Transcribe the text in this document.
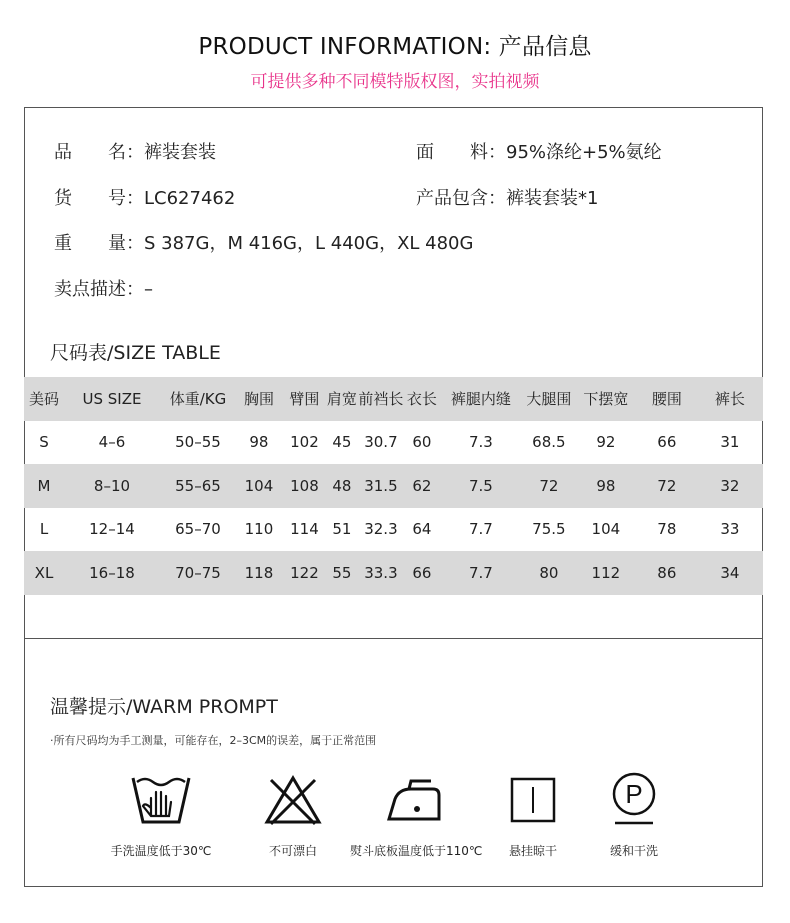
PRODUCT INFORMATION: 产品信息
可提供多种不同模特版权图，实拍视频
品　　名：裤装套装	面　　料：95%涤纶+5%氨纶
货　　号：LC627462	产品包含：裤装套装*1
重　　量：S 387G，M 416G，L 440G，XL 480G
卖点描述：–
尺码表/SIZE TABLE
美码	US SIZE	体重/KG	胸围	臂围	肩宽	前裆长	衣长	裤腿内缝	大腿围	下摆宽	腰围	裤长
S	4–6	50–55	98	102	45	30.7	60	7.3	68.5	92	66	31
M	8–10	55–65	104	108	48	31.5	62	7.5	72	98	72	32
L	12–14	65–70	110	114	51	32.3	64	7.7	75.5	104	78	33
XL	16–18	70–75	118	122	55	33.3	66	7.7	80	112	86	34
温馨提示/WARM PROMPT
·所有尺码均为手工测量，可能存在，2–3CM的误差，属于正常范围
手洗温度低于30℃	不可漂白	熨斗底板温度低于110℃	悬挂晾干
P
缓和干洗
